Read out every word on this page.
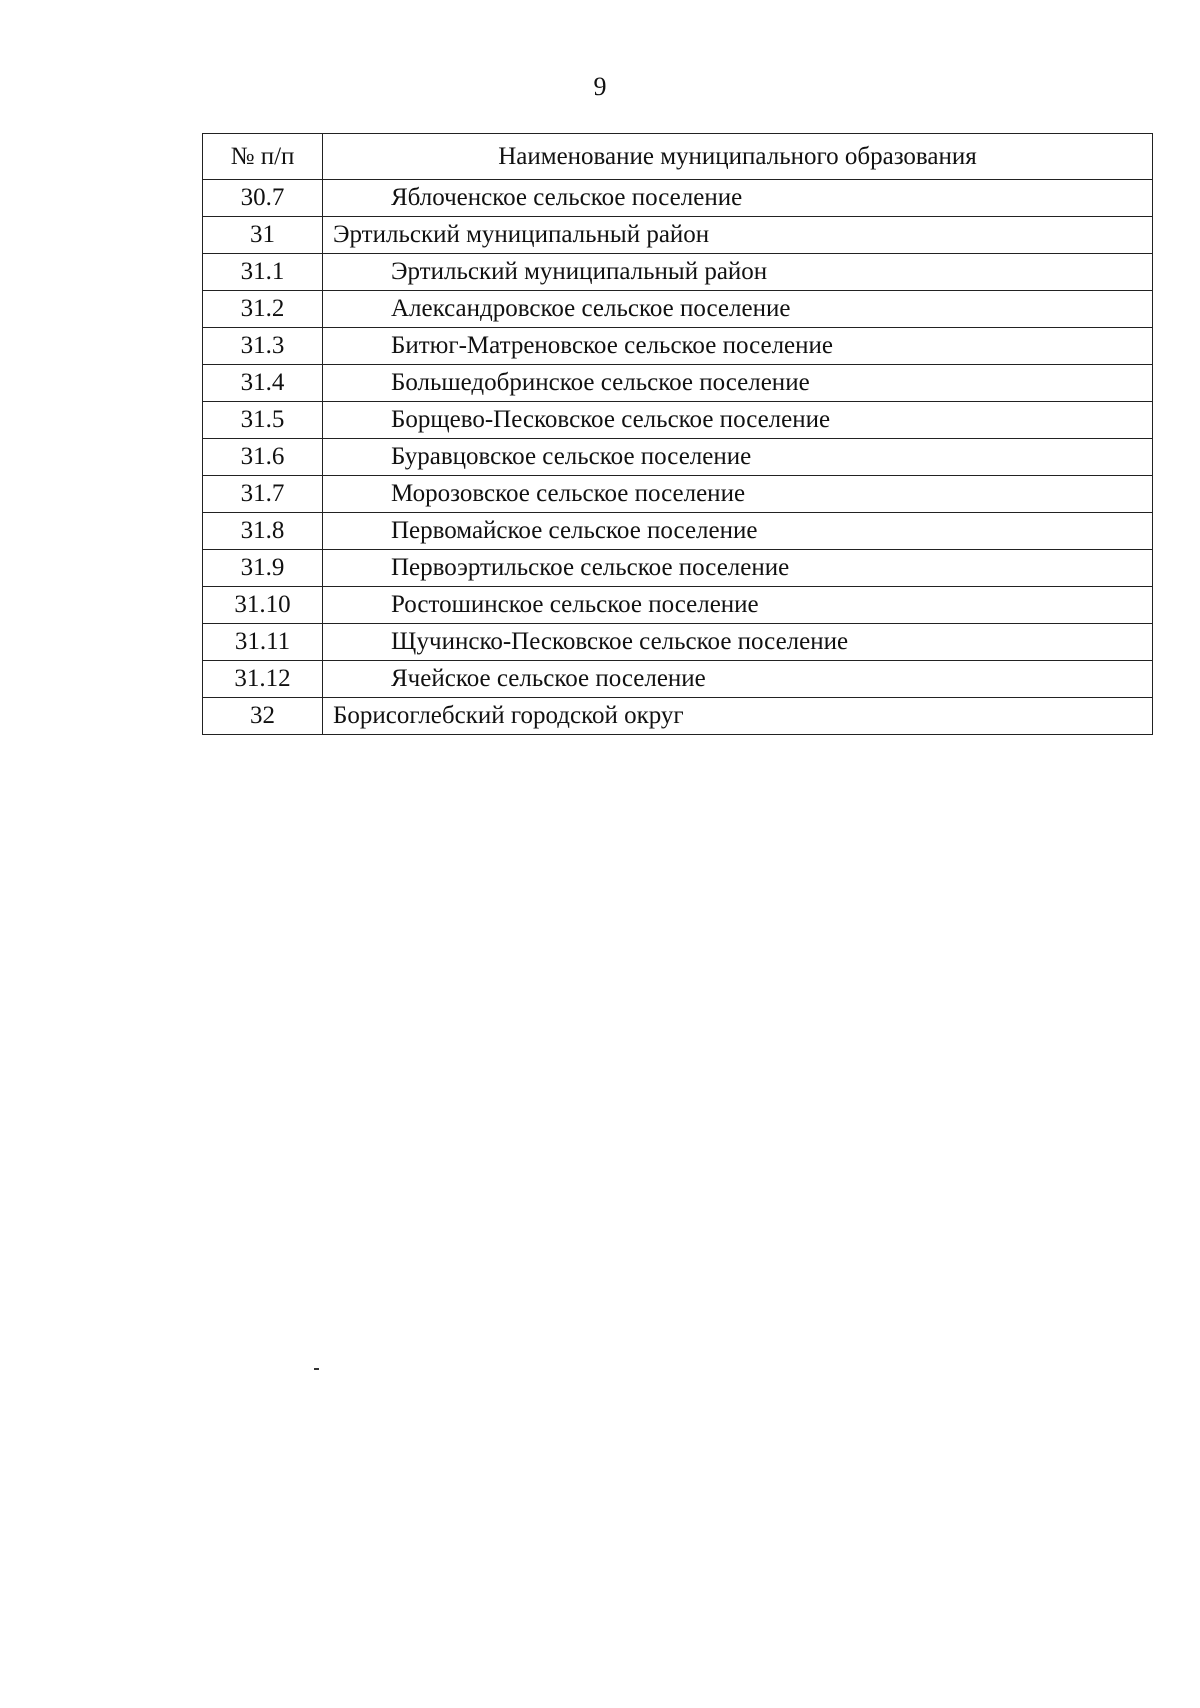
9
№ п/п	Наименование муниципального образования
30.7	Яблоченское сельское поселение
31	Эртильский муниципальный район
31.1	Эртильский муниципальный район
31.2	Александровское сельское поселение
31.3	Битюг-Матреновское сельское поселение
31.4	Большедобринское сельское поселение
31.5	Борщево-Песковское сельское поселение
31.6	Буравцовское сельское поселение
31.7	Морозовское сельское поселение
31.8	Первомайское сельское поселение
31.9	Первоэртильское сельское поселение
31.10	Ростошинское сельское поселение
31.11	Щучинско-Песковское сельское поселение
31.12	Ячейское сельское поселение
32	Борисоглебский городской округ
